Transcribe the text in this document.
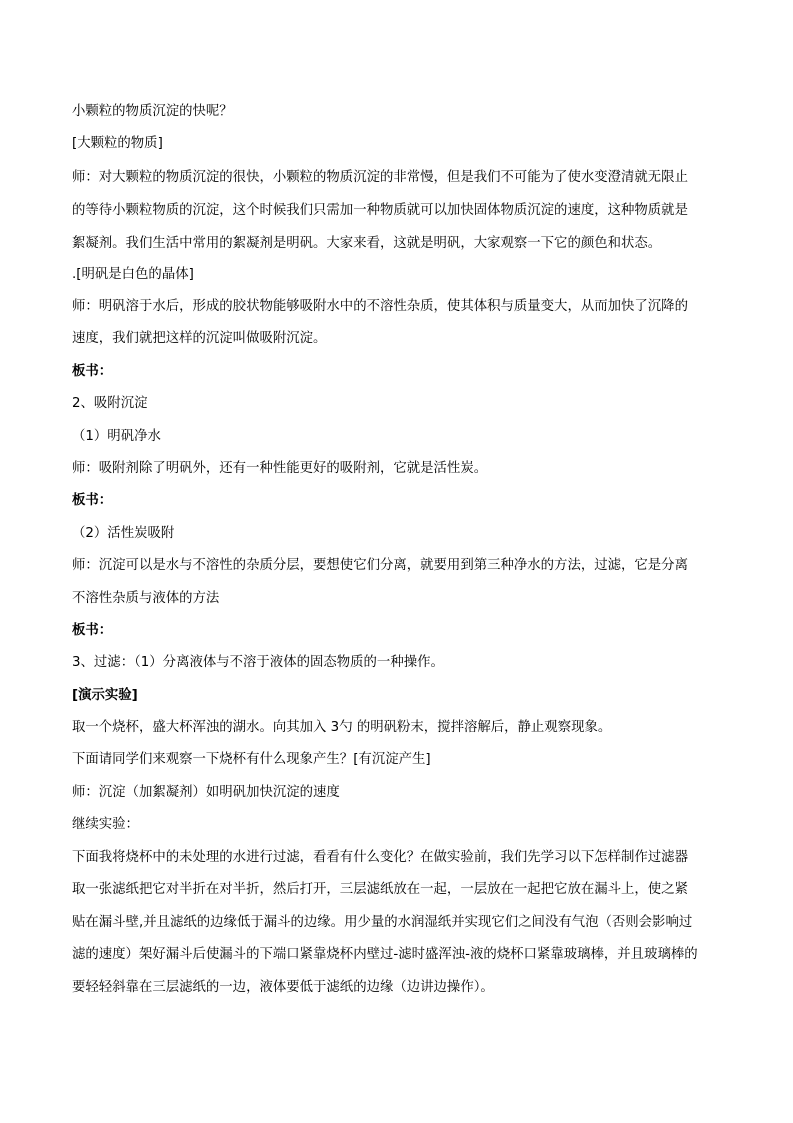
小颗粒的物质沉淀的快呢？
[大颗粒的物质]
师：对大颗粒的物质沉淀的很快，小颗粒的物质沉淀的非常慢，但是我们不可能为了使水变澄清就无限止
的等待小颗粒物质的沉淀，这个时候我们只需加一种物质就可以加快固体物质沉淀的速度，这种物质就是
絮凝剂。我们生活中常用的絮凝剂是明矾。大家来看，这就是明矾，大家观察一下它的颜色和状态。
.[明矾是白色的晶体]
师：明矾溶于水后，形成的胶状物能够吸附水中的不溶性杂质，使其体积与质量变大，从而加快了沉降的
速度，我们就把这样的沉淀叫做吸附沉淀。
板书：
2、吸附沉淀
（1）明矾净水
师：吸附剂除了明矾外，还有一种性能更好的吸附剂，它就是活性炭。
板书：
（2）活性炭吸附
师：沉淀可以是水与不溶性的杂质分层，要想使它们分离，就要用到第三种净水的方法，过滤，它是分离
不溶性杂质与液体的方法
板书：
3、过滤：（1）分离液体与不溶于液体的固态物质的一种操作。
[演示实验]
取一个烧杯，盛大杯浑浊的湖水。向其加入 3勺 的明矾粉末，搅拌溶解后，静止观察现象。
下面请同学们来观察一下烧杯有什么现象产生？[有沉淀产生]
师：沉淀（加絮凝剂）如明矾加快沉淀的速度
继续实验：
下面我将烧杯中的未处理的水进行过滤，看看有什么变化？在做实验前，我们先学习以下怎样制作过滤器
取一张滤纸把它对半折在对半折，然后打开，三层滤纸放在一起，一层放在一起把它放在漏斗上，使之紧
贴在漏斗壁,并且滤纸的边缘低于漏斗的边缘。用少量的水润湿纸并实现它们之间没有气泡（否则会影响过
滤的速度）架好漏斗后使漏斗的下端口紧靠烧杯内壁过-滤时盛浑浊-液的烧杯口紧靠玻璃棒，并且玻璃棒的
要轻轻斜靠在三层滤纸的一边，液体要低于滤纸的边缘（边讲边操作）。
